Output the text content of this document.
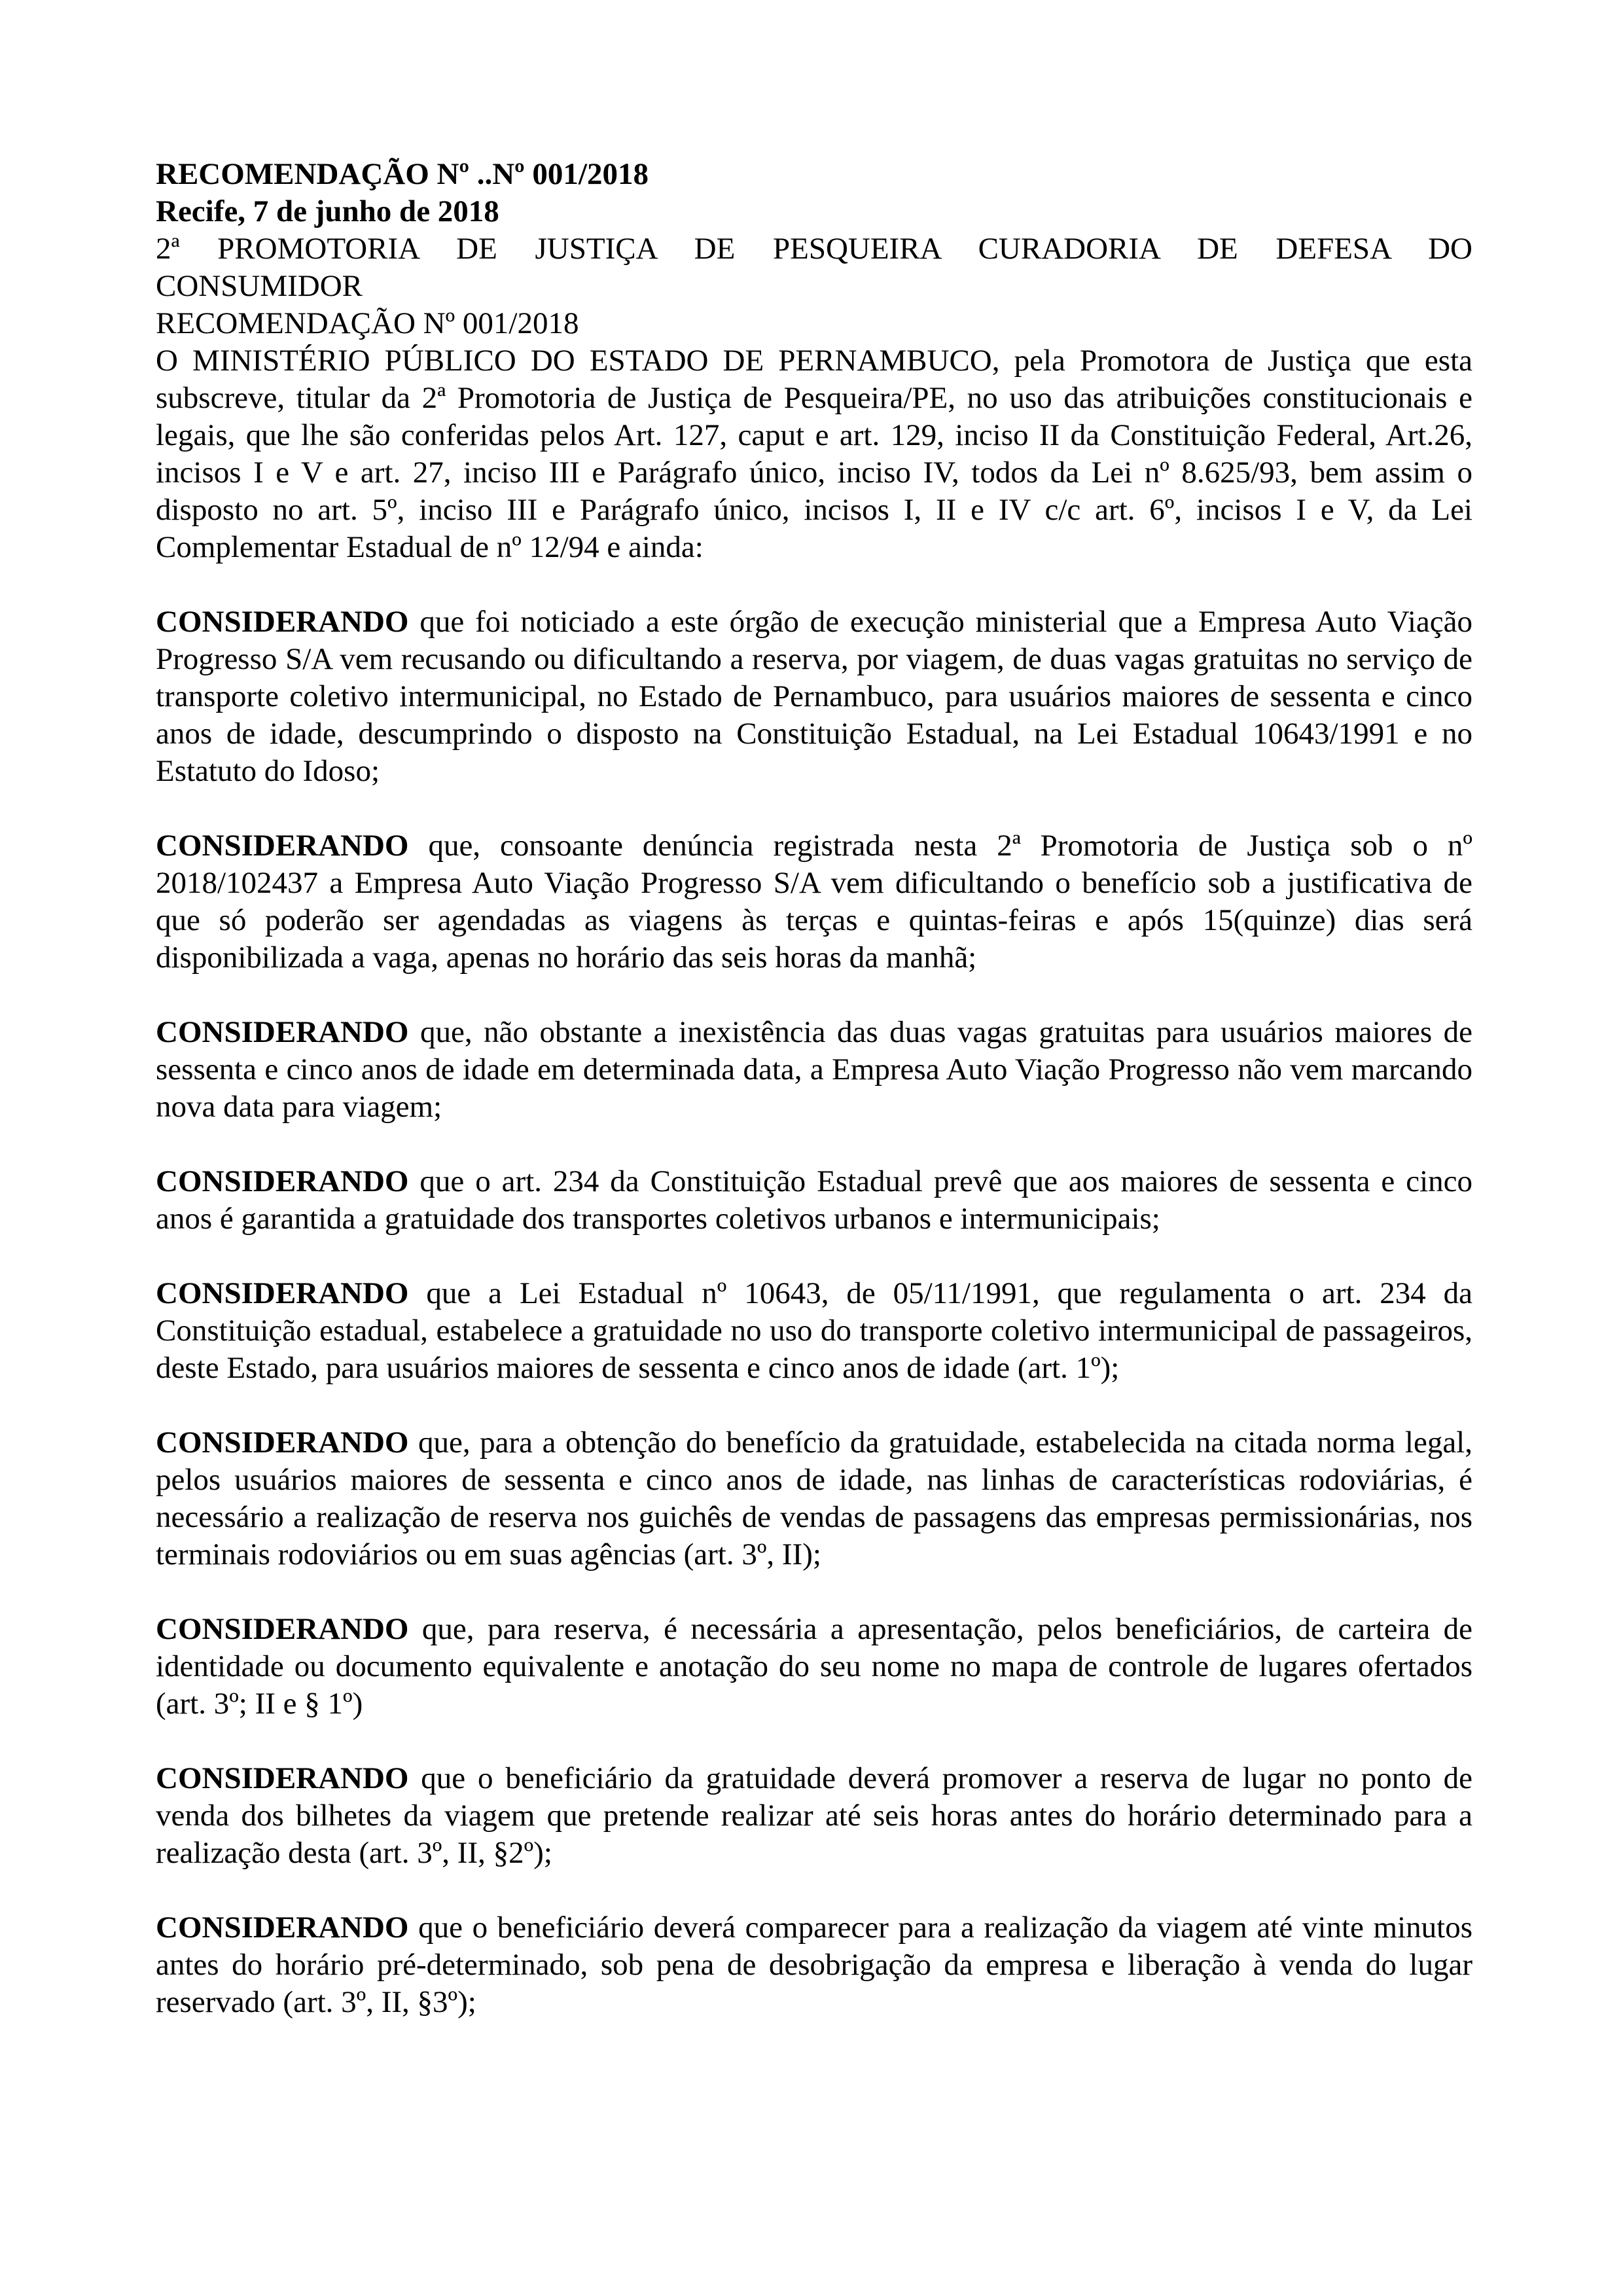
RECOMENDAÇÃO Nº ..Nº 001/2018
Recife, 7 de junho de 2018
2ª PROMOTORIA DE JUSTIÇA DE PESQUEIRA CURADORIA DE DEFESA DO
CONSUMIDOR
RECOMENDAÇÃO Nº 001/2018

O MINISTÉRIO PÚBLICO DO ESTADO DE PERNAMBUCO, pela Promotora de Justiça que esta subscreve, titular da 2ª Promotoria de Justiça de Pesqueira/PE, no uso das atribuições constitucionais e legais, que lhe são conferidas pelos Art. 127, caput e art. 129, inciso II da Constituição Federal, Art.26, incisos I e V e art. 27, inciso III e Parágrafo único, inciso IV, todos da Lei nº 8.625/93, bem assim o disposto no art. 5º, inciso III e Parágrafo único, incisos I, II e IV c/c art. 6º, incisos I e V, da Lei Complementar Estadual de nº 12/94 e ainda:

CONSIDERANDO que foi noticiado a este órgão de execução ministerial que a Empresa Auto Viação Progresso S/A vem recusando ou dificultando a reserva, por viagem, de duas vagas gratuitas no serviço de transporte coletivo intermunicipal, no Estado de Pernambuco, para usuários maiores de sessenta e cinco anos de idade, descumprindo o disposto na Constituição Estadual, na Lei Estadual 10643/1991 e no Estatuto do Idoso;

CONSIDERANDO que, consoante denúncia registrada nesta 2ª Promotoria de Justiça sob o nº 2018/102437 a Empresa Auto Viação Progresso S/A vem dificultando o benefício sob a justificativa de que só poderão ser agendadas as viagens às terças e quintas-feiras e após 15(quinze) dias será disponibilizada a vaga, apenas no horário das seis horas da manhã;

CONSIDERANDO que, não obstante a inexistência das duas vagas gratuitas para usuários maiores de sessenta e cinco anos de idade em determinada data, a Empresa Auto Viação Progresso não vem marcando nova data para viagem;

CONSIDERANDO que o art. 234 da Constituição Estadual prevê que aos maiores de sessenta e cinco anos é garantida a gratuidade dos transportes coletivos urbanos e intermunicipais;

CONSIDERANDO que a Lei Estadual nº 10643, de 05/11/1991, que regulamenta o art. 234 da Constituição estadual, estabelece a gratuidade no uso do transporte coletivo intermunicipal de passageiros, deste Estado, para usuários maiores de sessenta e cinco anos de idade (art. 1º);

CONSIDERANDO que, para a obtenção do benefício da gratuidade, estabelecida na citada norma legal, pelos usuários maiores de sessenta e cinco anos de idade, nas linhas de características rodoviárias, é necessário a realização de reserva nos guichês de vendas de passagens das empresas permissionárias, nos terminais rodoviários ou em suas agências (art. 3º, II);

CONSIDERANDO que, para reserva, é necessária a apresentação, pelos beneficiários, de carteira de identidade ou documento equivalente e anotação do seu nome no mapa de controle de lugares ofertados (art. 3º; II e § 1º)

CONSIDERANDO que o beneficiário da gratuidade deverá promover a reserva de lugar no ponto de venda dos bilhetes da viagem que pretende realizar até seis horas antes do horário determinado para a realização desta (art. 3º, II, §2º);

CONSIDERANDO que o beneficiário deverá comparecer para a realização da viagem até vinte minutos antes do horário pré-determinado, sob pena de desobrigação da empresa e liberação à venda do lugar reservado (art. 3º, II, §3º);
